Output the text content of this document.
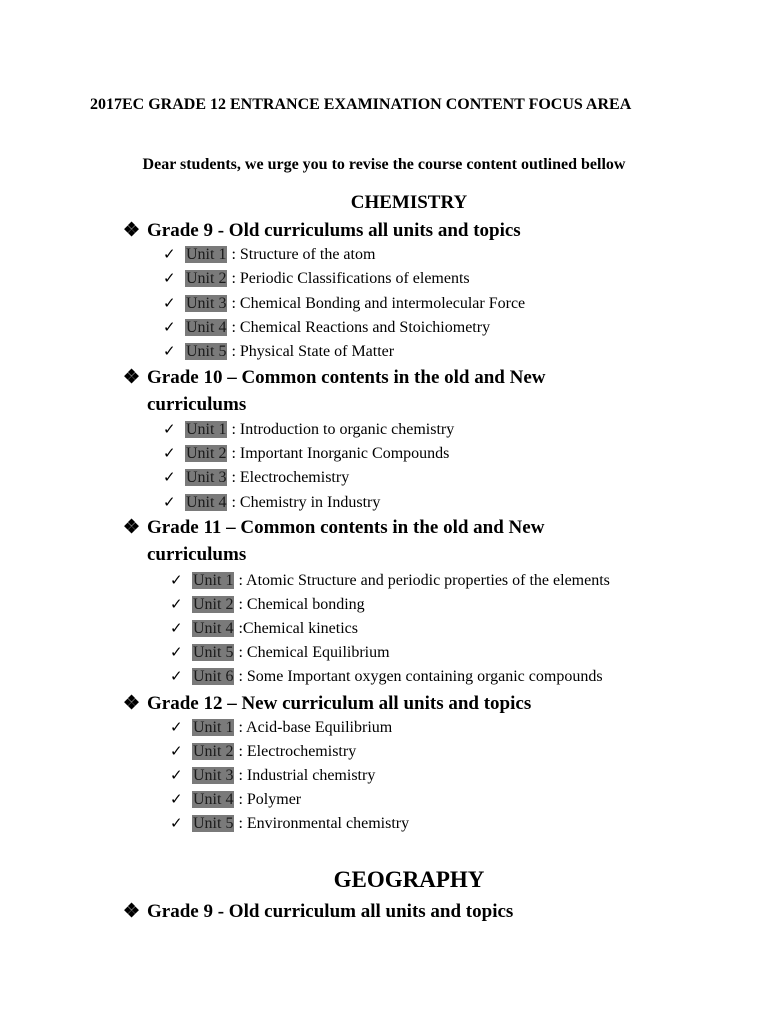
2017EC GRADE 12 ENTRANCE EXAMINATION CONTENT FOCUS AREA
Dear students, we urge you to revise the course content outlined bellow
CHEMISTRY
❖ Grade 9 - Old curriculums all units and topics
✓ Unit 1 : Structure of the atom
✓ Unit 2 : Periodic Classifications of elements
✓ Unit 3 : Chemical Bonding and intermolecular Force
✓ Unit 4 : Chemical Reactions and Stoichiometry
✓ Unit 5 : Physical State of Matter
❖ Grade 10 – Common contents in the old and New curriculums
✓ Unit 1 : Introduction to organic chemistry
✓ Unit 2 : Important Inorganic Compounds
✓ Unit 3 : Electrochemistry
✓ Unit 4 : Chemistry in Industry
❖ Grade 11 – Common contents in the old and New curriculums
✓ Unit 1 : Atomic Structure and periodic properties of the elements
✓ Unit 2 : Chemical bonding
✓ Unit 4 :Chemical kinetics
✓ Unit 5 : Chemical Equilibrium
✓ Unit 6 : Some Important oxygen containing organic compounds
❖ Grade 12 – New curriculum all units and topics
✓ Unit 1 : Acid-base Equilibrium
✓ Unit 2 : Electrochemistry
✓ Unit 3 : Industrial chemistry
✓ Unit 4 : Polymer
✓ Unit 5 : Environmental chemistry
GEOGRAPHY
❖ Grade 9 - Old curriculum all units and topics
